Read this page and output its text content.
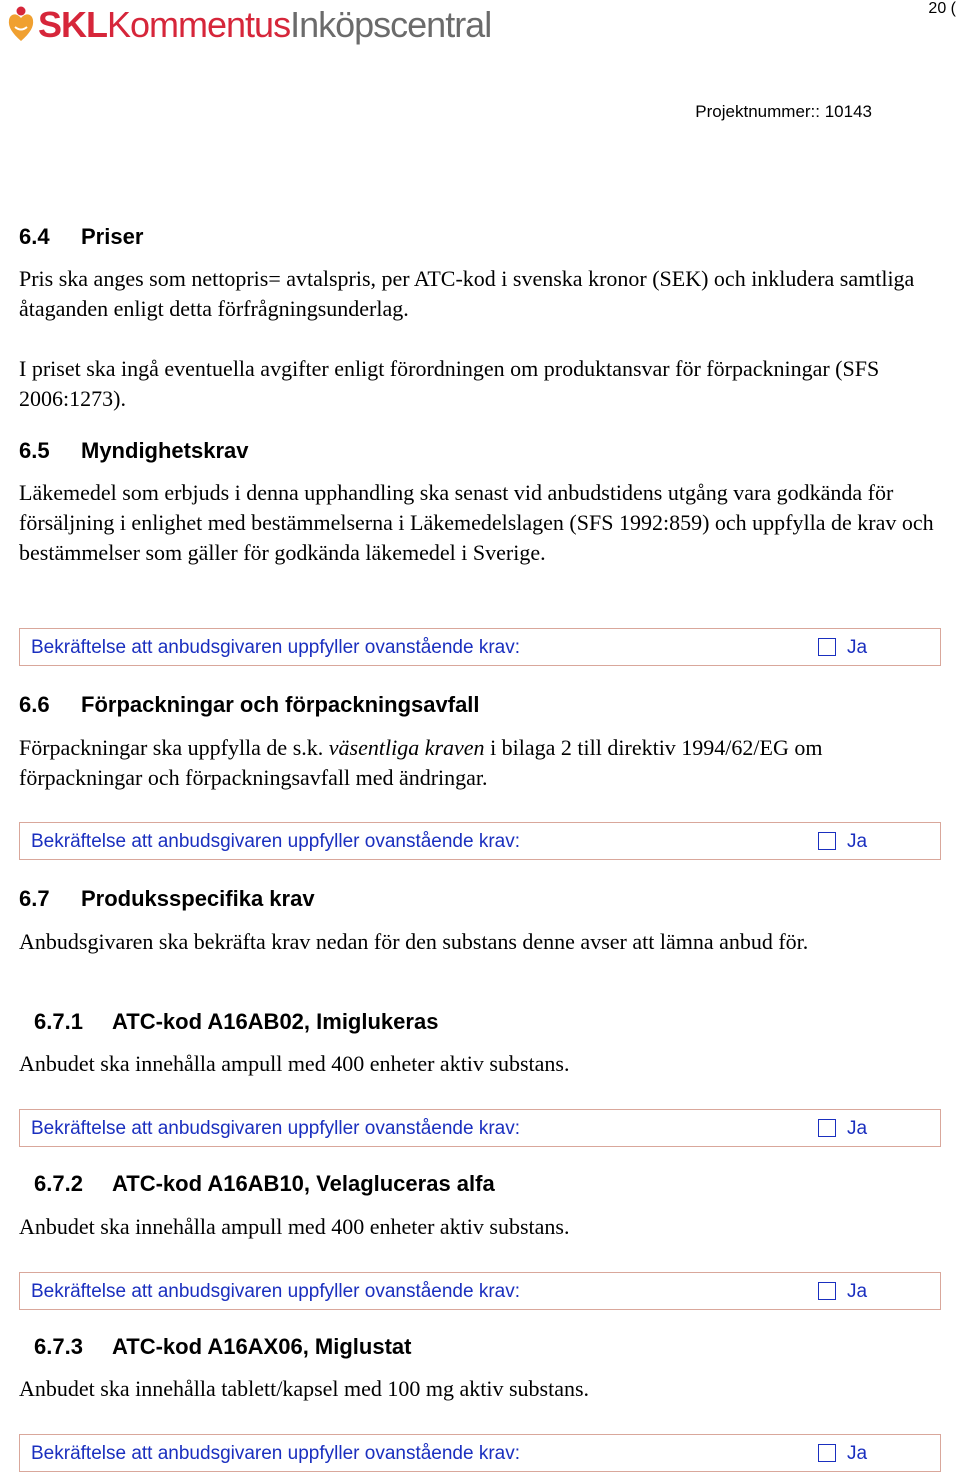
SKLKommentusInköpscentral	20 (
Projektnummer:: 10143
6.4 Priser
Pris ska anges som nettopris= avtalspris, per ATC-kod i svenska kronor (SEK) och inkludera samtliga åtaganden enligt detta förfrågningsunderlag.
I priset ska ingå eventuella avgifter enligt förordningen om produktansvar för förpackningar (SFS 2006:1273).
6.5 Myndighetskrav
Läkemedel som erbjuds i denna upphandling ska senast vid anbudstidens utgång vara godkända för försäljning i enlighet med bestämmelserna i Läkemedelslagen (SFS 1992:859) och uppfylla de krav och bestämmelser som gäller för godkända läkemedel i Sverige.
Bekräftelse att anbudsgivaren uppfyller ovanstående krav:	Ja
6.6 Förpackningar och förpackningsavfall
Förpackningar ska uppfylla de s.k. väsentliga kraven i bilaga 2 till direktiv 1994/62/EG om förpackningar och förpackningsavfall med ändringar.
Bekräftelse att anbudsgivaren uppfyller ovanstående krav:	Ja
6.7 Produksspecifika krav
Anbudsgivaren ska bekräfta krav nedan för den substans denne avser att lämna anbud för.
6.7.1 ATC-kod A16AB02, Imiglukeras
Anbudet ska innehålla ampull med 400 enheter aktiv substans.
Bekräftelse att anbudsgivaren uppfyller ovanstående krav:	Ja
6.7.2 ATC-kod A16AB10, Velagluceras alfa
Anbudet ska innehålla ampull med 400 enheter aktiv substans.
Bekräftelse att anbudsgivaren uppfyller ovanstående krav:	Ja
6.7.3 ATC-kod A16AX06, Miglustat
Anbudet ska innehålla tablett/kapsel med 100 mg aktiv substans.
Bekräftelse att anbudsgivaren uppfyller ovanstående krav:	Ja
